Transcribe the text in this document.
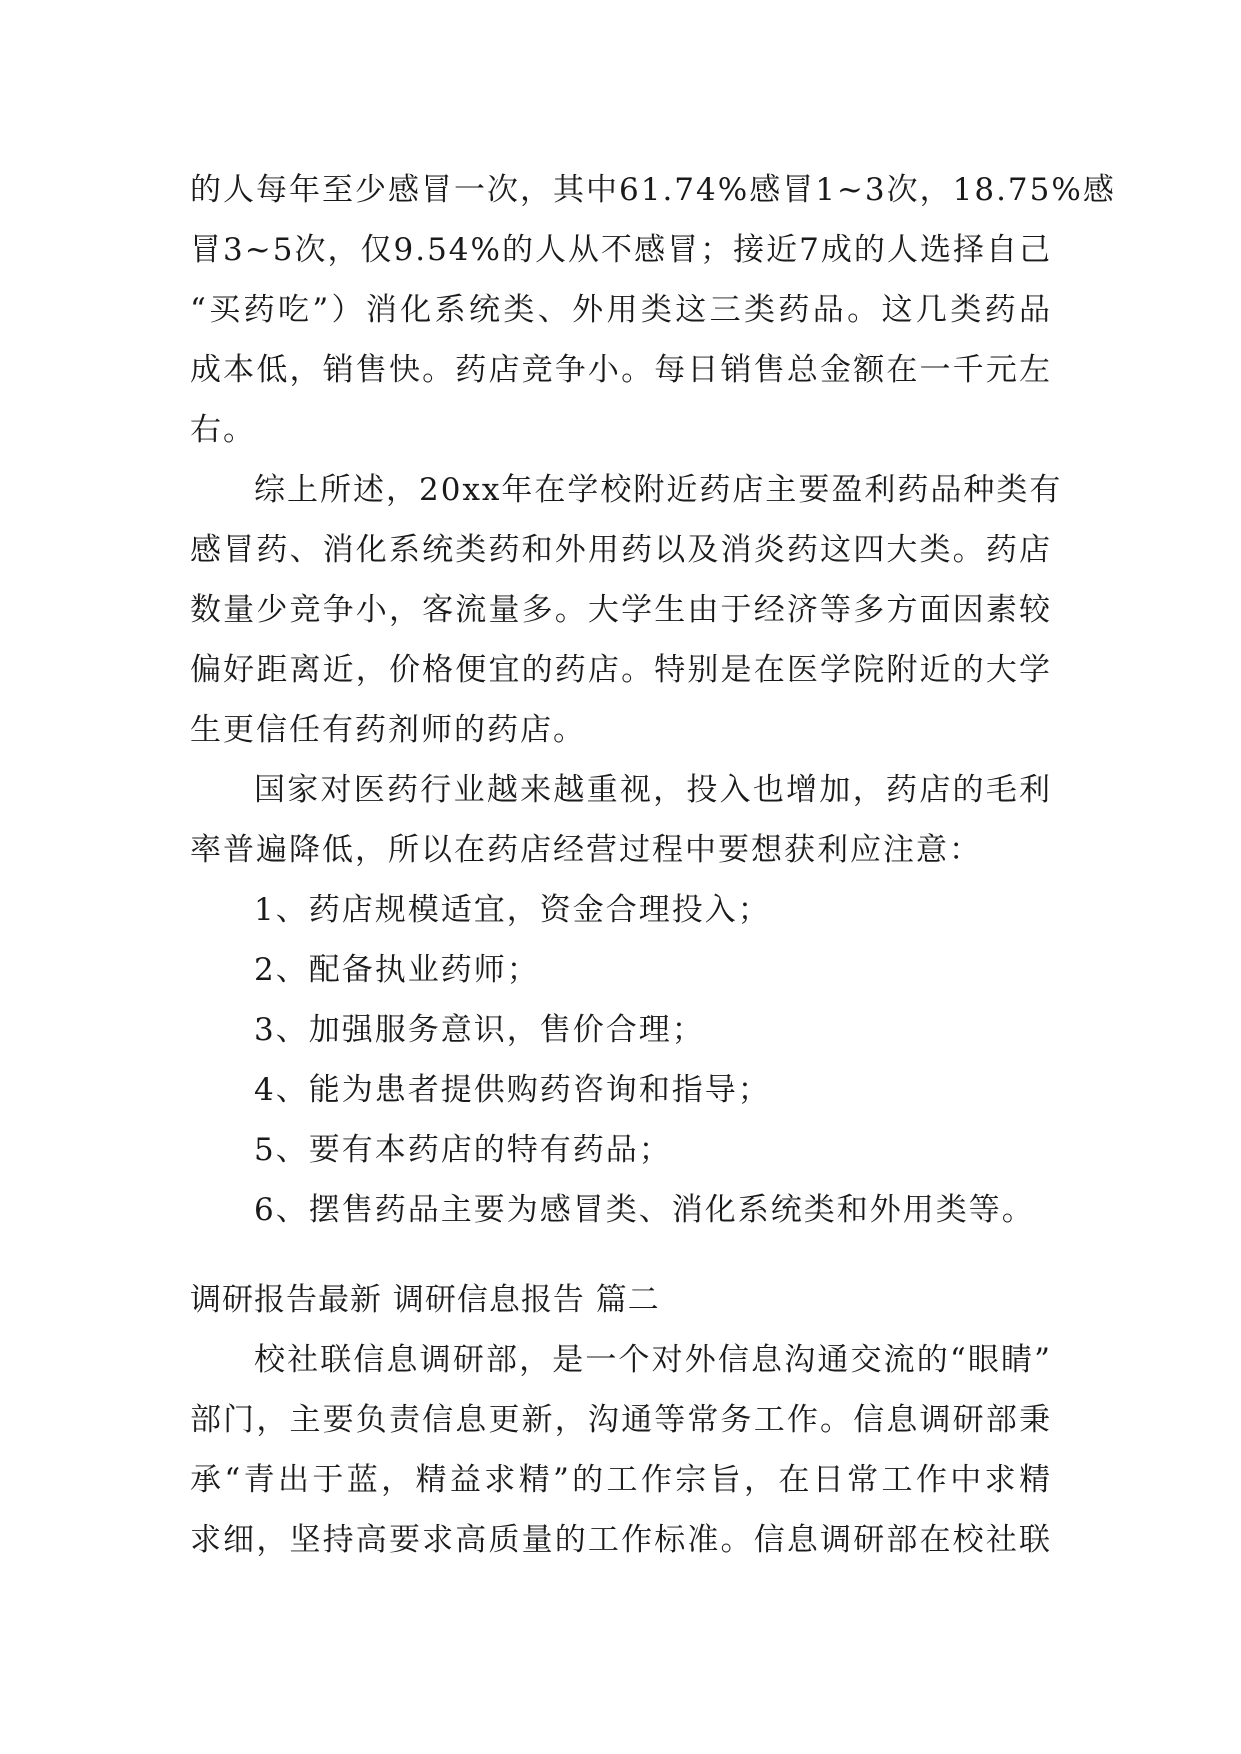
的人每年至少感冒一次，其中61.74%感冒1~3次，18.75%感
冒3~5次，仅9.54%的人从不感冒；接近7成的人选择自己
“买药吃”）消化系统类、外用类这三类药品。这几类药品
成本低，销售快。药店竞争小。每日销售总金额在一千元左
右。
综上所述，20xx年在学校附近药店主要盈利药品种类有
感冒药、消化系统类药和外用药以及消炎药这四大类。药店
数量少竞争小，客流量多。大学生由于经济等多方面因素较
偏好距离近，价格便宜的药店。特别是在医学院附近的大学
生更信任有药剂师的药店。
国家对医药行业越来越重视，投入也增加，药店的毛利
率普遍降低，所以在药店经营过程中要想获利应注意：
1、药店规模适宜，资金合理投入；
2、配备执业药师；
3、加强服务意识，售价合理；
4、能为患者提供购药咨询和指导；
5、要有本药店的特有药品；
6、摆售药品主要为感冒类、消化系统类和外用类等。
调研报告最新 调研信息报告 篇二
校社联信息调研部，是一个对外信息沟通交流的“眼睛”
部门，主要负责信息更新，沟通等常务工作。信息调研部秉
承“青出于蓝，精益求精”的工作宗旨，在日常工作中求精
求细，坚持高要求高质量的工作标准。信息调研部在校社联
